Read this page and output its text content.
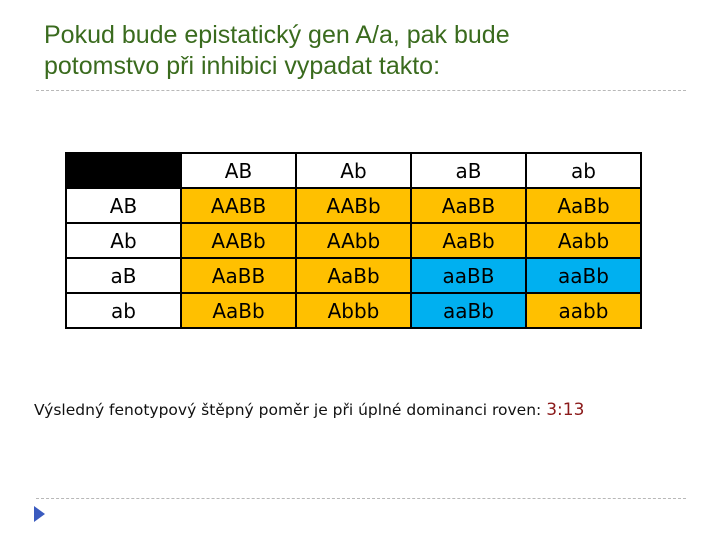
Pokud bude epistatický gen A/a, pak bude
potomstvo při inhibici vypadat takto:
	AB	Ab	aB	ab
AB	AABB	AABb	AaBB	AaBb
Ab	AABb	AAbb	AaBb	Aabb
aB	AaBB	AaBb	aaBB	aaBb
ab	AaBb	Abbb	aaBb	aabb
Výsledný fenotypový štěpný poměr je při úplné dominanci roven: 3:13
